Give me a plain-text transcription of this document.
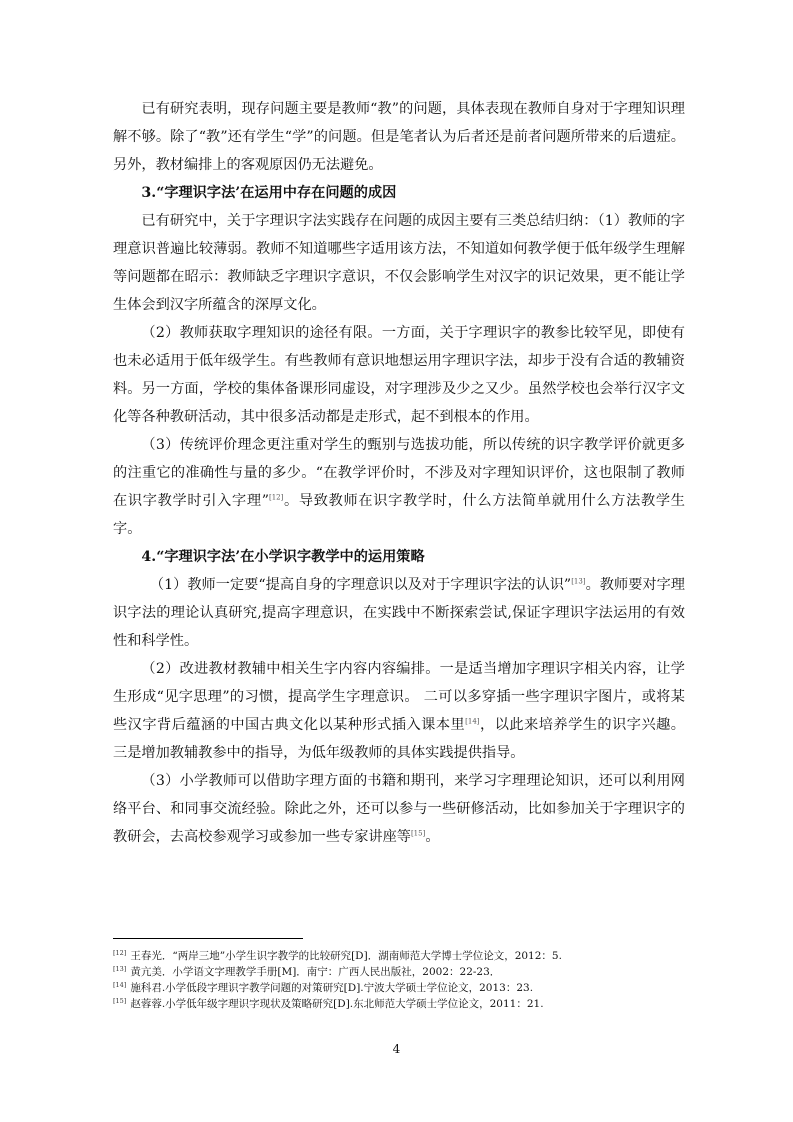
已有研究表明，现存问题主要是教师“教”的问题，具体表现在教师自身对于字理知识理解不够。除了“教”还有学生“学”的问题。但是笔者认为后者还是前者问题所带来的后遗症。另外，教材编排上的客观原因仍无法避免。

3.“字理识字法’在运用中存在问题的成因

已有研究中，关于字理识字法实践存在问题的成因主要有三类总结归纳：（1）教师的字理意识普遍比较薄弱。教师不知道哪些字适用该方法，不知道如何教学便于低年级学生理解等问题都在昭示：教师缺乏字理识字意识，不仅会影响学生对汉字的识记效果，更不能让学生体会到汉字所蕴含的深厚文化。

（2）教师获取字理知识的途径有限。一方面，关于字理识字的教参比较罕见，即使有也未必适用于低年级学生。有些教师有意识地想运用字理识字法，却步于没有合适的教辅资料。另一方面，学校的集体备课形同虚设，对字理涉及少之又少。虽然学校也会举行汉字文化等各种教研活动，其中很多活动都是走形式，起不到根本的作用。

（3）传统评价理念更注重对学生的甄别与选拔功能，所以传统的识字教学评价就更多的注重它的准确性与量的多少。“在教学评价时，不涉及对字理知识评价，这也限制了教师在识字教学时引入字理”[12]。导致教师在识字教学时，什么方法简单就用什么方法教学生字。

4.“字理识字法’在小学识字教学中的运用策略

（1）教师一定要“提高自身的字理意识以及对于字理识字法的认识”[13]。教师要对字理识字法的理论认真研究,提高字理意识，在实践中不断探索尝试,保证字理识字法运用的有效性和科学性。

（2）改进教材教辅中相关生字内容内容编排。一是适当增加字理识字相关内容，让学生形成“见字思理”的习惯，提高学生字理意识。 二可以多穿插一些字理识字图片，或将某些汉字背后蕴涵的中国古典文化以某种形式插入课本里[14]，以此来培养学生的识字兴趣。 三是增加教辅教参中的指导，为低年级教师的具体实践提供指导。

（3）小学教师可以借助字理方面的书籍和期刊，来学习字理理论知识，还可以利用网络平台、和同事交流经验。除此之外，还可以参与一些研修活动，比如参加关于字理识字的教研会，去高校参观学习或参加一些专家讲座等[15]。

[12] 王春光．“两岸三地”小学生识字教学的比较研究[D]．湖南师范大学博士学位论文，2012：5.

[13] 黄亢美．小学语文字理教学手册[M]．南宁：广西人民出版社，2002：22-23．

[14] 施科君.小学低段字理识字教学问题的对策研究[D].宁波大学硕士学位论文，2013：23.

[15] 赵蓉蓉.小学低年级字理识字现状及策略研究[D].东北师范大学硕士学位论文，2011：21.

4
